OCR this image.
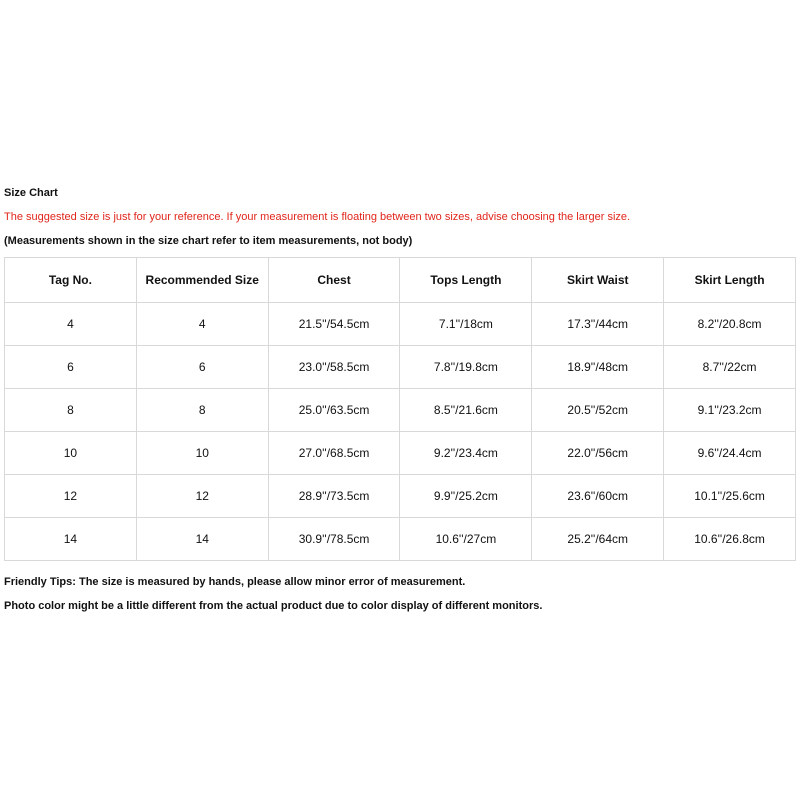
Size Chart
The suggested size is just for your reference. If your measurement is floating between two sizes, advise choosing the larger size.
(Measurements shown in the size chart refer to item measurements, not body)
Tag No.	Recommended Size	Chest	Tops Length	Skirt Waist	Skirt Length
4	4	21.5''/54.5cm	7.1''/18cm	17.3''/44cm	8.2''/20.8cm
6	6	23.0''/58.5cm	7.8''/19.8cm	18.9''/48cm	8.7''/22cm
8	8	25.0''/63.5cm	8.5''/21.6cm	20.5''/52cm	9.1''/23.2cm
10	10	27.0''/68.5cm	9.2''/23.4cm	22.0''/56cm	9.6''/24.4cm
12	12	28.9''/73.5cm	9.9''/25.2cm	23.6''/60cm	10.1''/25.6cm
14	14	30.9''/78.5cm	10.6''/27cm	25.2''/64cm	10.6''/26.8cm
Friendly Tips: The size is measured by hands, please allow minor error of measurement.
Photo color might be a little different from the actual product due to color display of different monitors.
